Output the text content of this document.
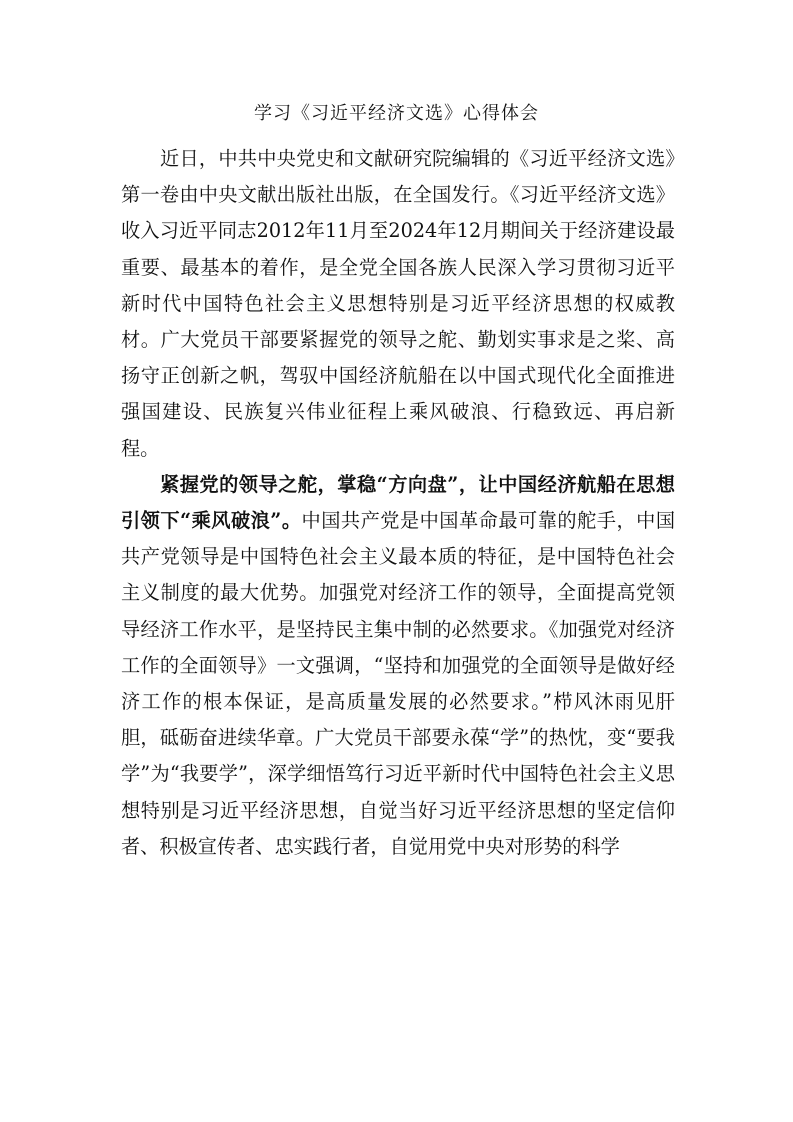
学习《习近平经济文选》心得体会

近日，中共中央党史和文献研究院编辑的《习近平经济文选》第一卷由中央文献出版社出版，在全国发行。《习近平经济文选》收入习近平同志2012年11月至2024年12月期间关于经济建设最重要、最基本的着作，是全党全国各族人民深入学习贯彻习近平新时代中国特色社会主义思想特别是习近平经济思想的权威教材。广大党员干部要紧握党的领导之舵、勤划实事求是之桨、高扬守正创新之帆，驾驭中国经济航船在以中国式现代化全面推进强国建设、民族复兴伟业征程上乘风破浪、行稳致远、再启新程。

紧握党的领导之舵，掌稳“方向盘”，让中国经济航船在思想引领下“乘风破浪”。中国共产党是中国革命最可靠的舵手，中国共产党领导是中国特色社会主义最本质的特征，是中国特色社会主义制度的最大优势。加强党对经济工作的领导，全面提高党领导经济工作水平，是坚持民主集中制的必然要求。《加强党对经济工作的全面领导》一文强调，“坚持和加强党的全面领导是做好经济工作的根本保证，是高质量发展的必然要求。”栉风沐雨见肝胆，砥砺奋进续华章。广大党员干部要永葆“学”的热忱，变“要我学”为“我要学”，深学细悟笃行习近平新时代中国特色社会主义思想特别是习近平经济思想，自觉当好习近平经济思想的坚定信仰者、积极宣传者、忠实践行者，自觉用党中央对形势的科学
